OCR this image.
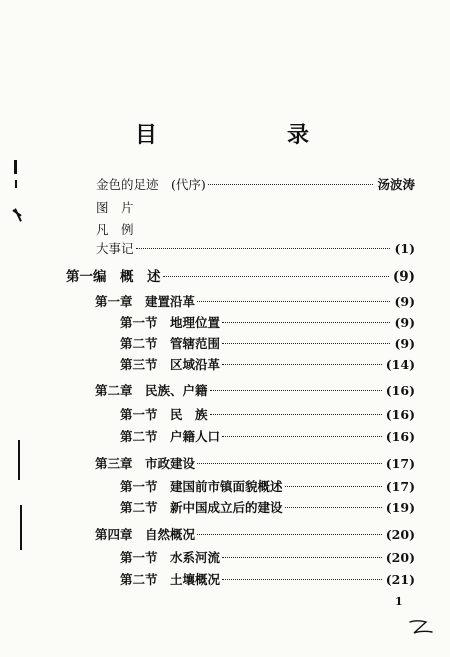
目　录
金色的足迹　(代序)	汤波涛
图　片
凡　例
大事记	(1)
第一编　概　述	(9)
第一章　建置沿革	(9)
第一节　地理位置	(9)
第二节　管辖范围	(9)
第三节　区域沿革	(14)
第二章　民族、户籍	(16)
第一节　民　族	(16)
第二节　户籍人口	(16)
第三章　市政建设	(17)
第一节　建国前市镇面貌概述	(17)
第二节　新中国成立后的建设	(19)
第四章　自然概况	(20)
第一节　水系河流	(20)
第二节　土壤概况	(21)
1
